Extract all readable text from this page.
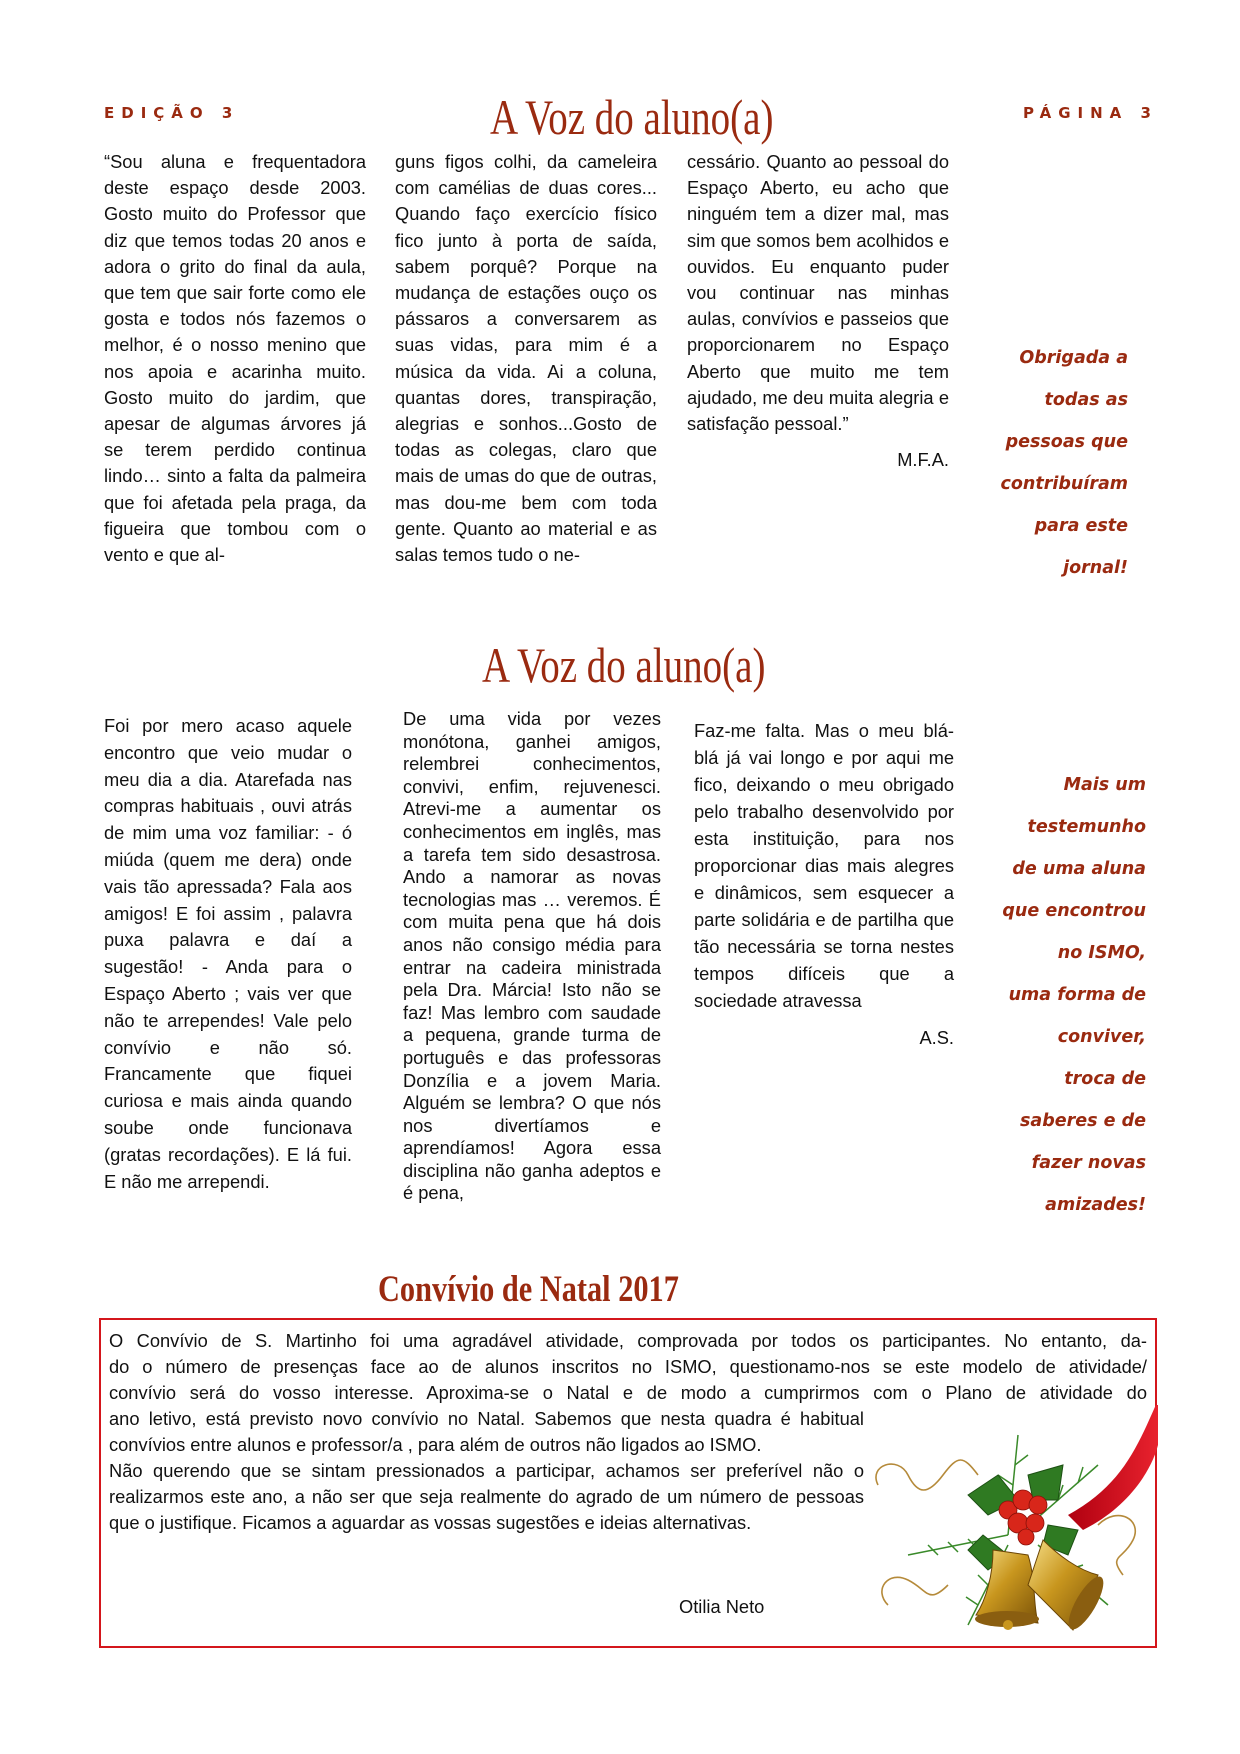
EDIÇÃO 3	PÁGINA 3
A Voz do aluno(a)

“Sou aluna e frequentadora deste espaço desde 2003. Gosto muito do Professor que diz que temos todas 20 anos e adora o grito do final da aula, que tem que sair forte como ele gosta e todos nós fazemos o melhor, é o nosso menino que nos apoia e acarinha muito. Gosto muito do jardim, que apesar de algumas árvores já se terem perdido continua lindo… sinto a falta da palmeira que foi afetada pela praga, da figueira que tombou com o vento e que al-

guns figos colhi, da cameleira com camélias de duas cores... Quando faço exercício físico fico junto à porta de saída, sabem porquê? Porque na mudança de estações ouço os pássaros a conversarem as suas vidas, para mim é a música da vida. Ai a coluna, quantas dores, transpiração, alegrias e sonhos...Gosto de todas as colegas, claro que mais de umas do que de outras, mas dou-me bem com toda gente. Quanto ao material e as salas temos tudo o ne-

cessário. Quanto ao pessoal do Espaço Aberto, eu acho que ninguém tem a dizer mal, mas sim que somos bem acolhidos e ouvidos. Eu enquanto puder vou continuar nas minhas aulas, convívios e passeios que proporcionarem no Espaço Aberto que muito me tem ajudado, me deu muita alegria e satisfação pessoal.”

M.F.A.

Obrigada a
todas as
pessoas que
contribuíram
para este
jornal!
A Voz do aluno(a)

Foi por mero acaso aquele encontro que veio mudar o meu dia a dia. Atarefada nas compras habituais , ouvi atrás de mim uma voz familiar: - ó miúda (quem me dera) onde vais tão apressada? Fala aos amigos! E foi assim , palavra puxa palavra e daí a sugestão! - Anda para o Espaço Aberto ; vais ver que não te arrependes! Vale pelo convívio e não só. Francamente que fiquei curiosa e mais ainda quando soube onde funcionava (gratas recordações). E lá fui. E não me arrependi.

De uma vida por vezes monótona, ganhei amigos, relembrei conhecimentos, convivi, enfim, rejuvenesci. Atrevi-me a aumentar os conhecimentos em inglês, mas a tarefa tem sido desastrosa. Ando a namorar as novas tecnologias mas … veremos. É com muita pena que há dois anos não consigo média para entrar na cadeira ministrada pela Dra. Márcia! Isto não se faz! Mas lembro com saudade a pequena, grande turma de português e das professoras Donzília e a jovem Maria. Alguém se lembra? O que nós nos divertíamos e aprendíamos! Agora essa disciplina não ganha adeptos e é pena,

Faz-me falta. Mas o meu blá-blá já vai longo e por aqui me fico, deixando o meu obrigado pelo trabalho desenvolvido por esta instituição, para nos proporcionar dias mais alegres e dinâmicos, sem esquecer a parte solidária e de partilha que tão necessária se torna nestes tempos difíceis que a sociedade atravessa

A.S.

Mais um
testemunho
de uma aluna
que encontrou
no ISMO,
uma forma de
conviver,
troca de
saberes e de
fazer novas
amizades!
Convívio de Natal 2017
O Convívio de S. Martinho foi uma agradável atividade, comprovada por todos os participantes. No entanto, da-
do o número de presenças face ao de alunos inscritos no ISMO, questionamo-nos se este modelo de atividade/
convívio será do vosso interesse. Aproxima-se o Natal e de modo a cumprirmos com o Plano de atividade do
ano letivo, está previsto novo convívio no Natal. Sabemos que nesta quadra é habitual convívios entre alunos e professor/a , para além de outros não ligados ao ISMO.
Não querendo que se sintam pressionados a participar, achamos ser preferível não o realizarmos este ano, a não ser que seja realmente do agrado de um número de pessoas que o justifique. Ficamos a aguardar as vossas sugestões e ideias alternativas.
Otilia Neto
